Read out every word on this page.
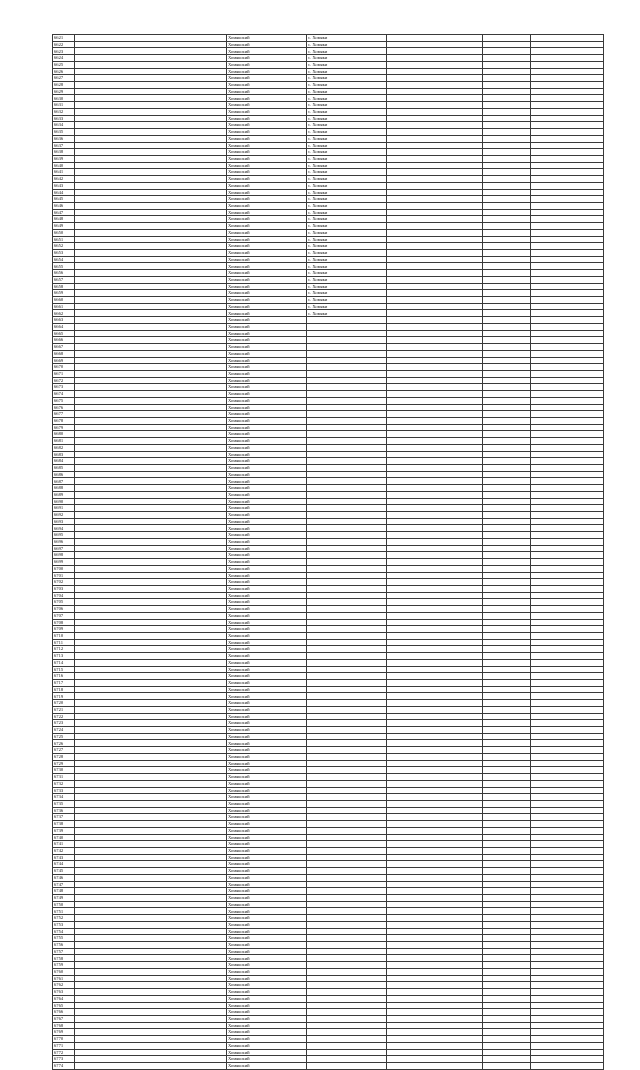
6621		Хомякский	с. Хомяки			
6622		Хомякский	с. Хомяки			
6623		Хомякский	с. Хомяки			
6624		Хомякский	с. Хомяки			
6625		Хомякский	с. Хомяки			
6626		Хомякский	с. Хомяки			
6627		Хомякский	с. Хомяки			
6628		Хомякский	с. Хомяки			
6629		Хомякский	с. Хомяки			
6630		Хомякский	с. Хомяки			
6631		Хомякский	с. Хомяки			
6632		Хомякский	с. Хомяки			
6633		Хомякский	с. Хомяки			
6634		Хомякский	с. Хомяки			
6635		Хомякский	с. Хомяки			
6636		Хомякский	с. Хомяки			
6637		Хомякский	с. Хомяки			
6638		Хомякский	с. Хомяки			
6639		Хомякский	с. Хомяки			
6640		Хомякский	с. Хомяки			
6641		Хомякский	с. Хомяки			
6642		Хомякский	с. Хомяки			
6643		Хомякский	с. Хомяки			
6644		Хомякский	с. Хомяки			
6645		Хомякский	с. Хомяки			
6646		Хомякский	с. Хомяки			
6647		Хомякский	с. Хомяки			
6648		Хомякский	с. Хомяки			
6649		Хомякский	с. Хомяки			
6650		Хомякский	с. Хомяки			
6651		Хомякский	с. Хомяки			
6652		Хомякский	с. Хомяки			
6653		Хомякский	с. Хомяки			
6654		Хомякский	с. Хомяки			
6655		Хомякский	с. Хомяки			
6656		Хомякский	с. Хомяки			
6657		Хомякский	с. Хомяки			
6658		Хомякский	с. Хомяки			
6659		Хомякский	с. Хомяки			
6660		Хомякский	с. Хомяки			
6661		Хомякский	с. Хомяки			
6662		Хомякский	с. Хомяки			
6663		Хомякский				
6664		Хомякский				
6665		Хомякский				
6666		Хомякский				
6667		Хомякский				
6668		Хомякский				
6669		Хомякский				
6670		Хомякский				
6671		Хомякский				
6672		Хомякский				
6673		Хомякский				
6674		Хомякский				
6675		Хомякский				
6676		Хомякский				
6677		Хомякский				
6678		Хомякский				
6679		Хомякский				
6680		Хомякский				
6681		Хомякский				
6682		Хомякский				
6683		Хомякский				
6684		Хомякский				
6685		Хомякский				
6686		Хомякский				
6687		Хомякский				
6688		Хомякский				
6689		Хомякский				
6690		Хомякский				
6691		Хомякский				
6692		Хомякский				
6693		Хомякский				
6694		Хомякский				
6695		Хомякский				
6696		Хомякский				
6697		Хомякский				
6698		Хомякский				
6699		Хомякский				
6700		Хомякский				
6701		Хомякский				
6702		Хомякский				
6703		Хомякский				
6704		Хомякский				
6705		Хомякский				
6706		Хомякский				
6707		Хомякский				
6708		Хомякский				
6709		Хомякский				
6710		Хомякский				
6711		Хомякский				
6712		Хомякский				
6713		Хомякский				
6714		Хомякский				
6715		Хомякский				
6716		Хомякский				
6717		Хомякский				
6718		Хомякский				
6719		Хомякский				
6720		Хомякский				
6721		Хомякский				
6722		Хомякский				
6723		Хомякский				
6724		Хомякский				
6725		Хомякский				
6726		Хомякский				
6727		Хомякский				
6728		Хомякский				
6729		Хомякский				
6730		Хомякский				
6731		Хомякский				
6732		Хомякский				
6733		Хомякский				
6734		Хомякский				
6735		Хомякский				
6736		Хомякский				
6737		Хомякский				
6738		Хомякский				
6739		Хомякский				
6740		Хомякский				
6741		Хомякский				
6742		Хомякский				
6743		Хомякский				
6744		Хомякский				
6745		Хомякский				
6746		Хомякский				
6747		Хомякский				
6748		Хомякский				
6749		Хомякский				
6750		Хомякский				
6751		Хомякский				
6752		Хомякский				
6753		Хомякский				
6754		Хомякский				
6755		Хомякский				
6756		Хомякский				
6757		Хомякский				
6758		Хомякский				
6759		Хомякский				
6760		Хомякский				
6761		Хомякский				
6762		Хомякский				
6763		Хомякский				
6764		Хомякский				
6765		Хомякский				
6766		Хомякский				
6767		Хомякский				
6768		Хомякский				
6769		Хомякский				
6770		Хомякский				
6771		Хомякский				
6772		Хомякский				
6773		Хомякский				
6774		Хомякский				
